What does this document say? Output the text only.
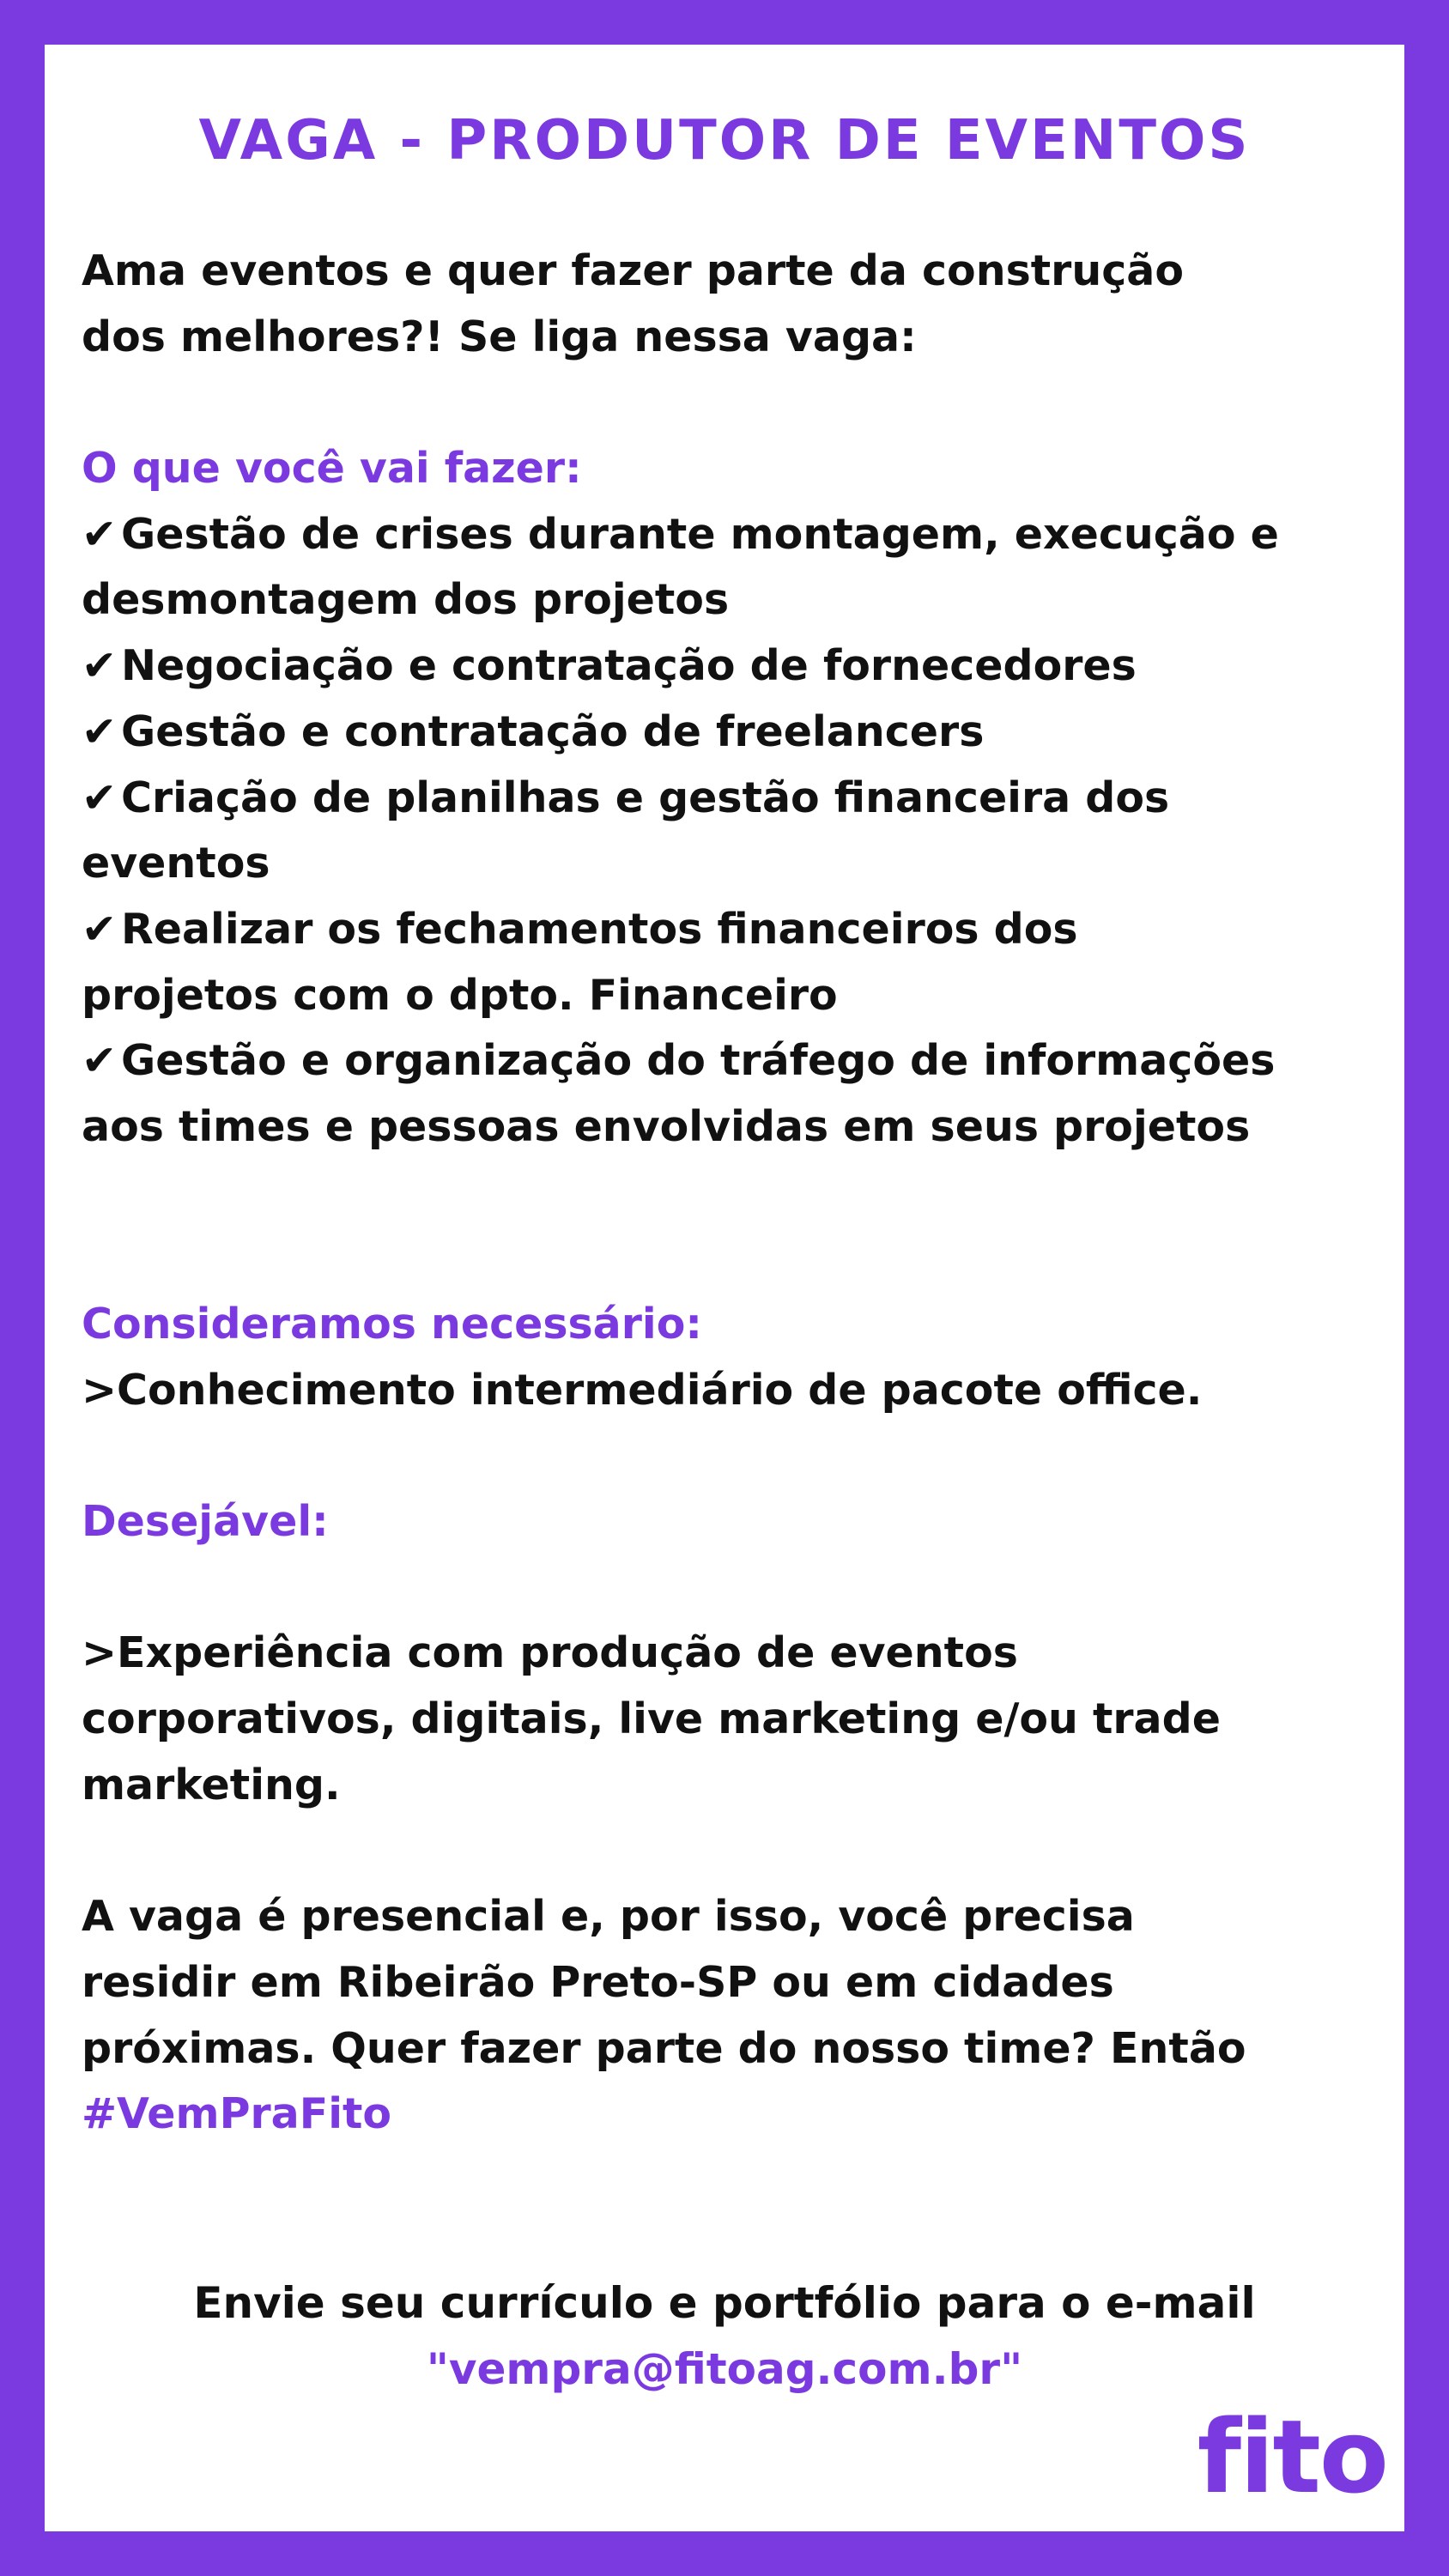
VAGA - PRODUTOR DE EVENTOS
Ama eventos e quer fazer parte da construção
dos melhores?! Se liga nessa vaga:
O que você vai fazer:
✔ Gestão de crises durante montagem, execução e
desmontagem dos projetos
✔ Negociação e contratação de fornecedores
✔ Gestão e contratação de freelancers
✔ Criação de planilhas e gestão financeira dos
eventos
✔ Realizar os fechamentos financeiros dos
projetos com o dpto. Financeiro
✔ Gestão e organização do tráfego de informações
aos times e pessoas envolvidas em seus projetos
Consideramos necessário:
>Conhecimento intermediário de pacote office.
Desejável:
>Experiência com produção de eventos
corporativos, digitais, live marketing e/ou trade
marketing.
A vaga é presencial e, por isso, você precisa
residir em Ribeirão Preto-SP ou em cidades
próximas. Quer fazer parte do nosso time? Então
#VemPraFito
Envie seu currículo e portfólio para o e-mail
"vempra@fitoag.com.br"
fito
